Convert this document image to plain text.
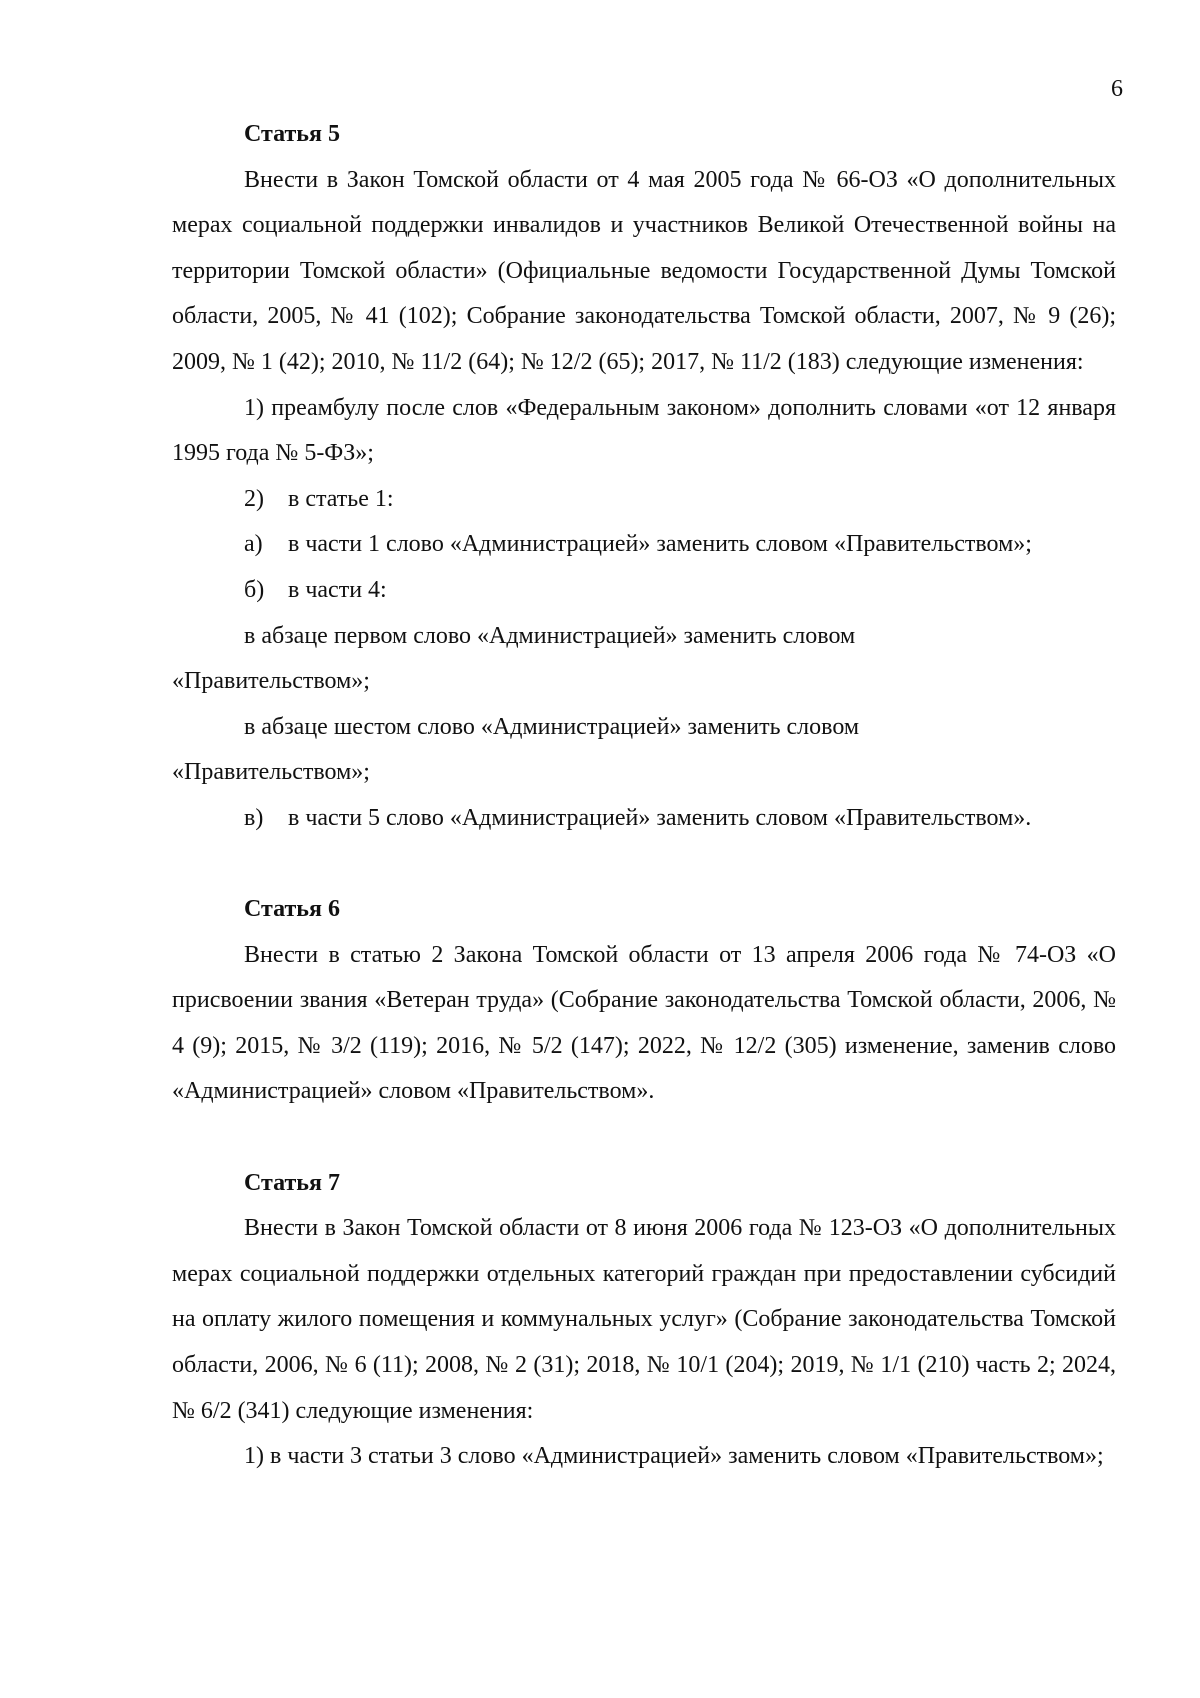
6

Статья 5

Внести в Закон Томской области от 4 мая 2005 года № 66-ОЗ «О дополнительных мерах социальной поддержки инвалидов и участников Великой Отечественной войны на территории Томской области» (Официальные ведомости Государственной Думы Томской области, 2005, № 41 (102); Собрание законодательства Томской области, 2007, № 9 (26); 2009, № 1 (42); 2010, № 11/2 (64); № 12/2 (65); 2017, № 11/2 (183) следующие изменения:

1) преамбулу после слов «Федеральным законом» дополнить словами «от 12 января 1995 года № 5-ФЗ»;

2) в статье 1:

а) в части 1 слово «Администрацией» заменить словом «Правительством»;

б) в части 4:

в абзаце первом слово «Администрацией» заменить словом

«Правительством»;

в абзаце шестом слово «Администрацией» заменить словом

«Правительством»;

в) в части 5 слово «Администрацией» заменить словом «Правительством».

Статья 6

Внести в статью 2 Закона Томской области от 13 апреля 2006 года № 74-ОЗ «О присвоении звания «Ветеран труда» (Собрание законодательства Томской области, 2006, № 4 (9); 2015, № 3/2 (119); 2016, № 5/2 (147); 2022, № 12/2 (305) изменение, заменив слово «Администрацией» словом «Правительством».

Статья 7

Внести в Закон Томской области от 8 июня 2006 года № 123-ОЗ «О дополнительных мерах социальной поддержки отдельных категорий граждан при предоставлении субсидий на оплату жилого помещения и коммунальных услуг» (Собрание законодательства Томской области, 2006, № 6 (11); 2008, № 2 (31); 2018, № 10/1 (204); 2019, № 1/1 (210) часть 2; 2024, № 6/2 (341) следующие изменения:

1) в части 3 статьи 3 слово «Администрацией» заменить словом «Правительством»;
